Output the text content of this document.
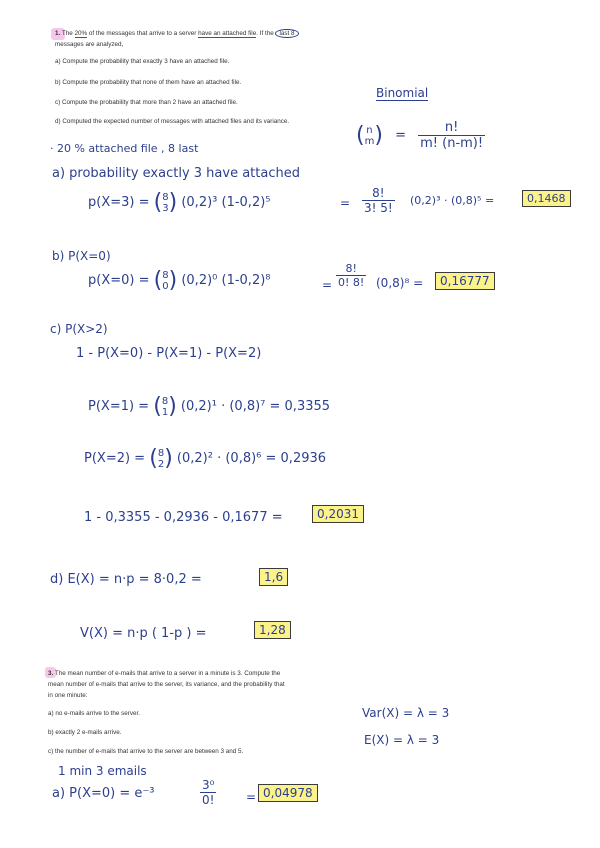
1. The 20% of the messages that arrive to a server have an attached file. If the last 8
messages are analyzed,
a) Compute the probability that exactly 3 have an attached file.
b) Compute the probability that none of them have an attached file.
c) Compute the probability that more than 2 have an attached file.
d) Computed the expected number of messages with attached files and its variance.
Binomial
( n
$m) = \frac{n!}{m! (n-m)!}$
· 20 % attached file , 8 last
a) probability exactly 3 have attached
p(X=3) = (8
3) (0,2)³ (1-0,2)⁵	= $\frac{8!}{3! 5!} (0,2)^3 \cdot (0,8)^5$ =	0,1468
b) P(X=0)
p(X=0) = (8
0) (0,2)⁰ (1-0,2)⁸	= $\frac{8!}{0! 8!} (0,8)^8$ =	0,16777
c) P(X>2)
1 - P(X=0) - P(X=1) - P(X=2)
P(X=1) = (8
1) (0,2)¹ · (0,8)⁷ = 0,3355
P(X=2) = (8
2) (0,2)² · (0,8)⁶ = 0,2936
1 - 0,3355 - 0,2936 - 0,1677 =	0,2031
d) E(X) = n·p = 8·0,2 =	1,6
V(X) = n·p ( 1-p ) =	1,28
3. The mean number of e-mails that arrive to a server in a minute is 3. Compute the
mean number of e-mails that arrive to the server, its variance, and the probability that
in one minute:
a) no e-mails arrive to the server.
b) exactly 2 e-mails arrive.
c) the number of e-mails that arrive to the server are between 3 and 5.
Var(X) = λ = 3
E(X) = λ = 3
1 min 3 emails
a) P(X=0) = e⁻³	$\frac{\text{3⁰}}{0!} = 0,04978$
